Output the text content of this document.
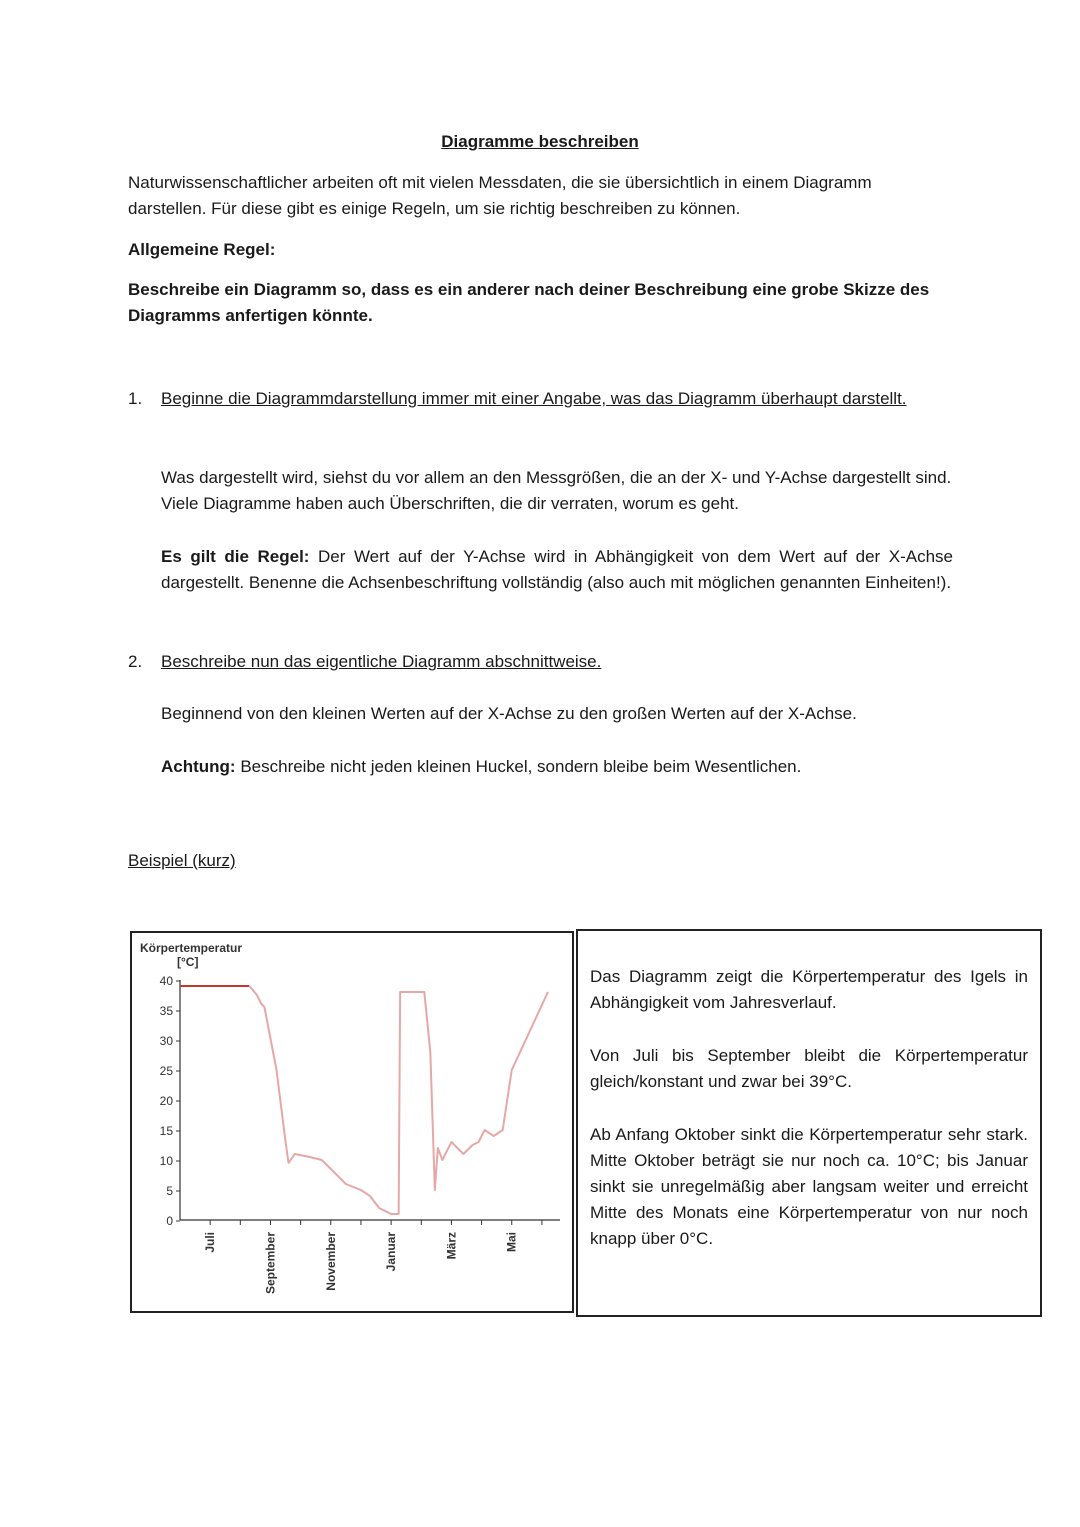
Diagramme beschreiben

Naturwissenschaftlicher arbeiten oft mit vielen Messdaten, die sie übersichtlich in einem Diagramm darstellen. Für diese gibt es einige Regeln, um sie richtig beschreiben zu können.

Allgemeine Regel:

Beschreibe ein Diagramm so, dass es ein anderer nach deiner Beschreibung eine grobe Skizze des Diagramms anfertigen könnte.

1. Beginne die Diagrammdarstellung immer mit einer Angabe, was das Diagramm überhaupt darstellt.

Was dargestellt wird, siehst du vor allem an den Messgrößen, die an der X- und Y-Achse dargestellt sind. Viele Diagramme haben auch Überschriften, die dir verraten, worum es geht.

Es gilt die Regel: Der Wert auf der Y-Achse wird in Abhängigkeit von dem Wert auf der X-Achse dargestellt. Benenne die Achsenbeschriftung vollständig (also auch mit möglichen genannten Einheiten!).

2. Beschreibe nun das eigentliche Diagramm abschnittweise.
Beginnend von den kleinen Werten auf der X-Achse zu den großen Werten auf der X-Achse.
Achtung: Beschreibe nicht jeden kleinen Huckel, sondern bleibe beim Wesentlichen.
Beispiel (kurz)
Körpertemperatur
[°C]
40
35
30
25
20
15
10
5
0
Juli	September	November	Januar	März	Mai

Das Diagramm zeigt die Körpertemperatur des Igels in Abhängigkeit vom Jahresverlauf.

Von Juli bis September bleibt die Körpertemperatur gleich/konstant und zwar bei 39°C.

Ab Anfang Oktober sinkt die Körpertemperatur sehr stark. Mitte Oktober beträgt sie nur noch ca. 10°C; bis Januar sinkt sie unregelmäßig aber langsam weiter und erreicht Mitte des Monats eine Körpertemperatur von nur noch knapp über 0°C.
